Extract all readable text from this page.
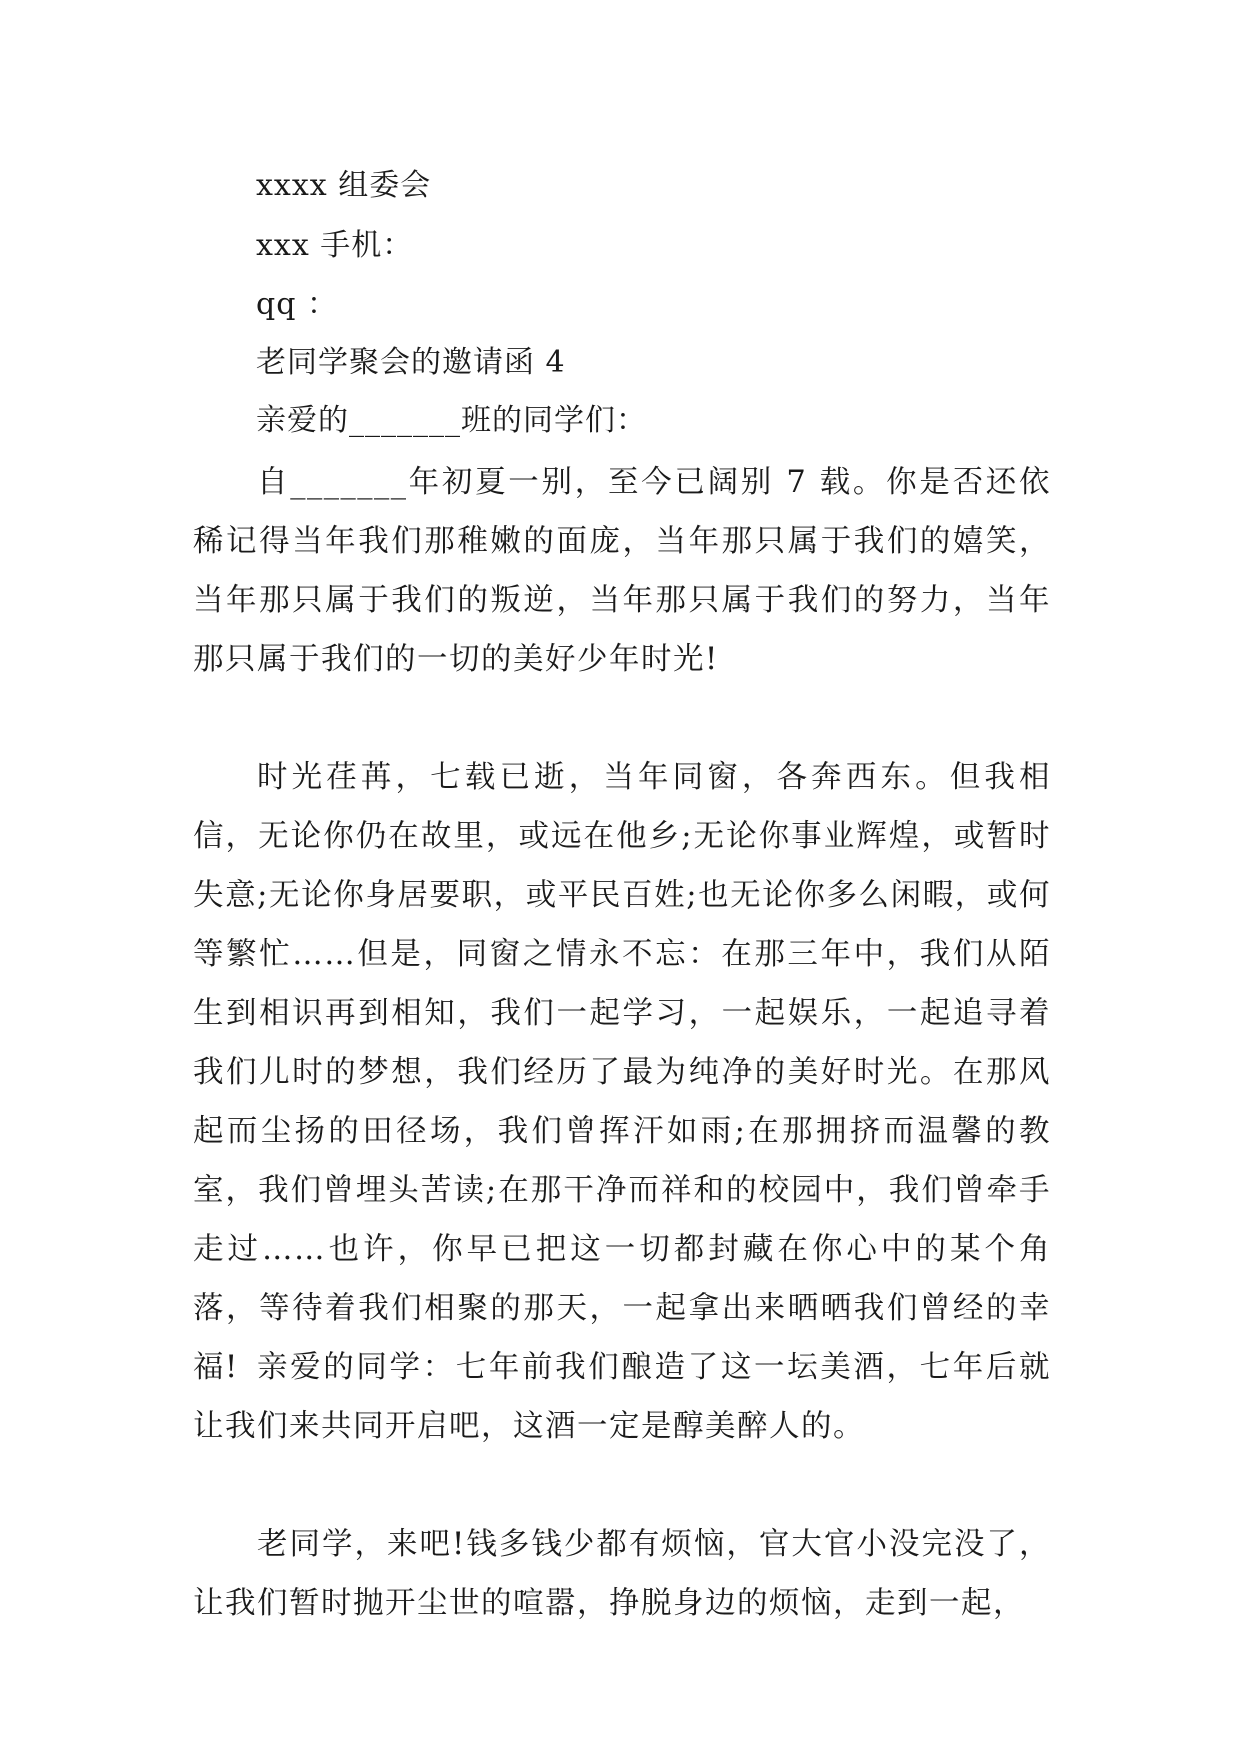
xxxx 组委会
xxx 手机：
qq ：
老同学聚会的邀请函 4
亲爱的_______班的同学们：

自_______年初夏一别，至今已阔别 7 载。你是否还依稀记得当年我们那稚嫩的面庞，当年那只属于我们的嬉笑，当年那只属于我们的叛逆，当年那只属于我们的努力，当年那只属于我们的一切的美好少年时光!

时光荏苒，七载已逝，当年同窗，各奔西东。但我相信，无论你仍在故里，或远在他乡;无论你事业辉煌，或暂时失意;无论你身居要职，或平民百姓;也无论你多么闲暇，或何等繁忙……但是，同窗之情永不忘：在那三年中，我们从陌生到相识再到相知，我们一起学习，一起娱乐，一起追寻着我们儿时的梦想，我们经历了最为纯净的美好时光。在那风起而尘扬的田径场，我们曾挥汗如雨;在那拥挤而温馨的教室，我们曾埋头苦读;在那干净而祥和的校园中，我们曾牵手走过……也许，你早已把这一切都封藏在你心中的某个角落，等待着我们相聚的那天，一起拿出来晒晒我们曾经的幸福! 亲爱的同学：七年前我们酿造了这一坛美酒，七年后就让我们来共同开启吧，这酒一定是醇美醉人的。

老同学，来吧!钱多钱少都有烦恼，官大官小没完没了，让我们暂时抛开尘世的喧嚣，挣脱身边的烦恼，走到一起，
